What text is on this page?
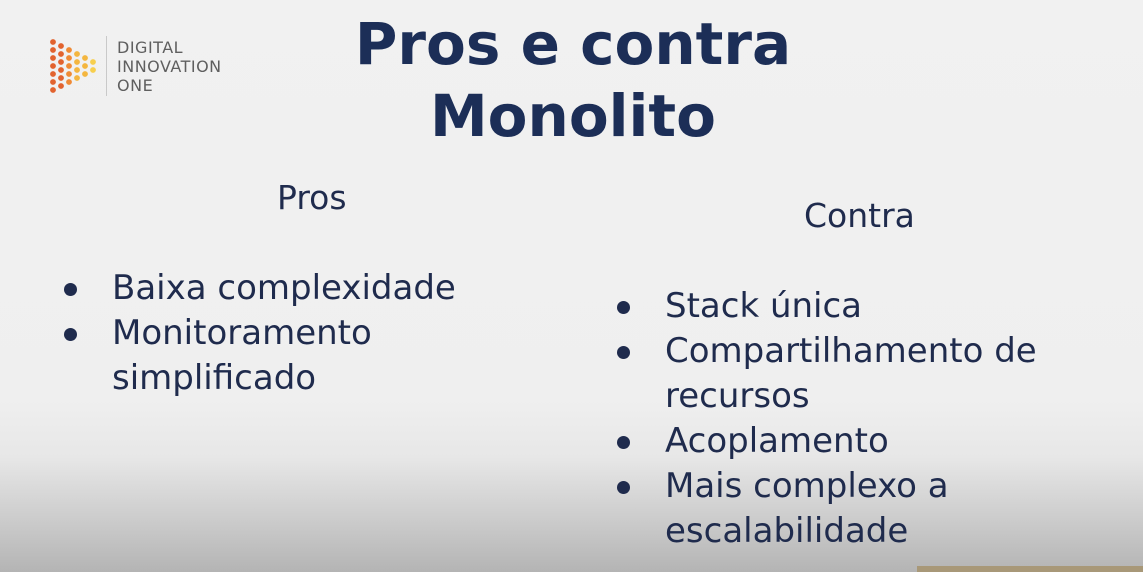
DIGITAL
INNOVATION
ONE
Pros e contra
Monolito
Pros	Contra
Baixa complexidade
Monitoramento simplificado
Stack única
Compartilhamento de recursos
Acoplamento
Mais complexo a escalabilidade
